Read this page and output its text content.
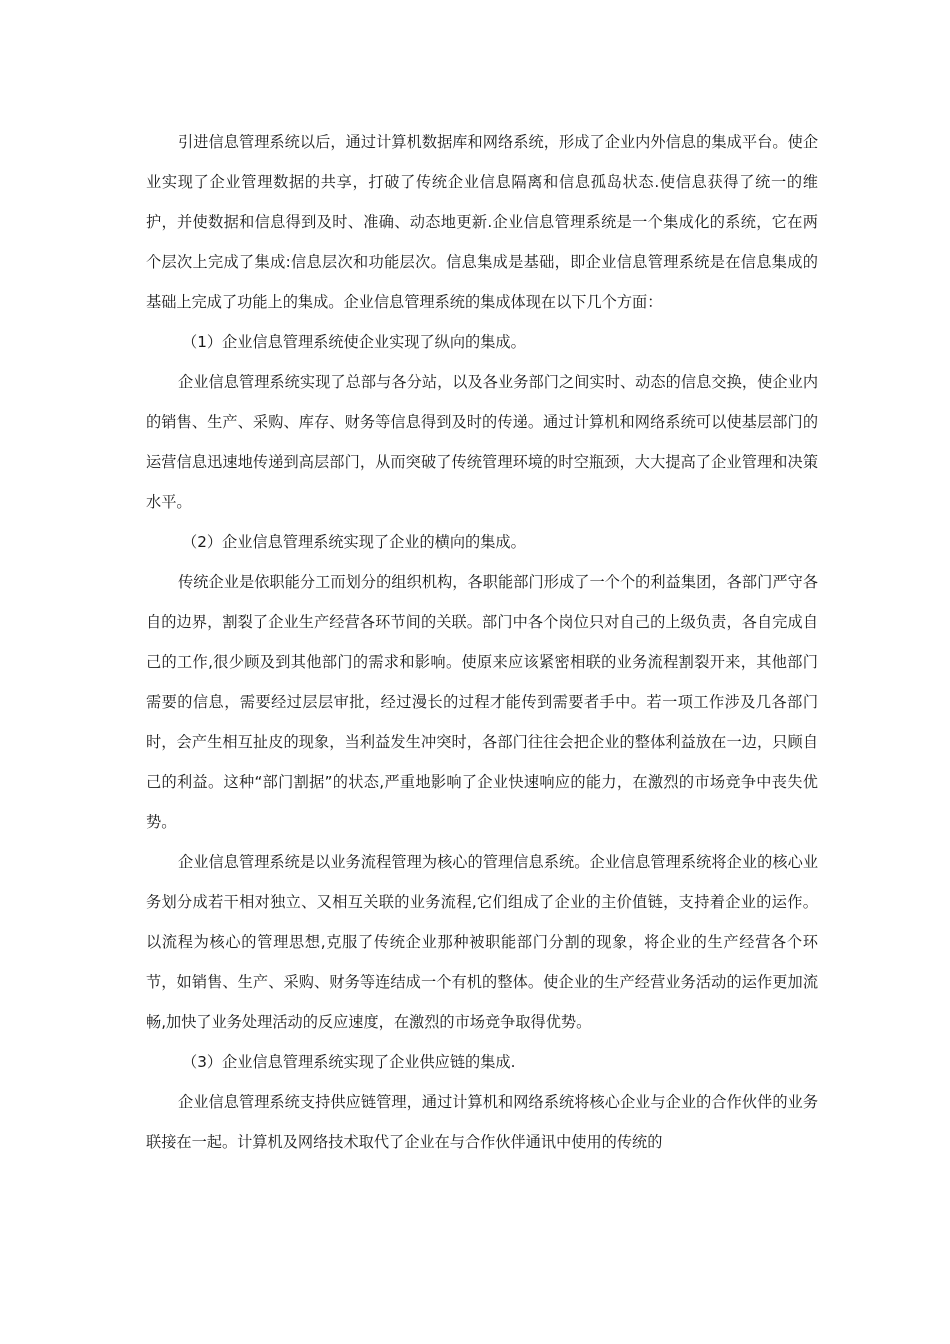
引进信息管理系统以后，通过计算机数据库和网络系统，形成了企业内外信息的集成平台。使企业实现了企业管理数据的共享，打破了传统企业信息隔离和信息孤岛状态.使信息获得了统一的维护，并使数据和信息得到及时、准确、动态地更新.企业信息管理系统是一个集成化的系统，它在两个层次上完成了集成:信息层次和功能层次。信息集成是基础，即企业信息管理系统是在信息集成的基础上完成了功能上的集成。企业信息管理系统的集成体现在以下几个方面：

（1）企业信息管理系统使企业实现了纵向的集成。

企业信息管理系统实现了总部与各分站，以及各业务部门之间实时、动态的信息交换，使企业内的销售、生产、采购、库存、财务等信息得到及时的传递。通过计算机和网络系统可以使基层部门的运营信息迅速地传递到高层部门，从而突破了传统管理环境的时空瓶颈，大大提高了企业管理和决策水平。

（2）企业信息管理系统实现了企业的横向的集成。

传统企业是依职能分工而划分的组织机构，各职能部门形成了一个个的利益集团，各部门严守各自的边界，割裂了企业生产经营各环节间的关联。部门中各个岗位只对自己的上级负责，各自完成自己的工作,很少顾及到其他部门的需求和影响。使原来应该紧密相联的业务流程割裂开来，其他部门需要的信息，需要经过层层审批，经过漫长的过程才能传到需要者手中。若一项工作涉及几各部门时，会产生相互扯皮的现象，当利益发生冲突时，各部门往往会把企业的整体利益放在一边，只顾自己的利益。这种“部门割据”的状态,严重地影响了企业快速响应的能力，在激烈的市场竞争中丧失优势。

企业信息管理系统是以业务流程管理为核心的管理信息系统。企业信息管理系统将企业的核心业务划分成若干相对独立、又相互关联的业务流程,它们组成了企业的主价值链，支持着企业的运作。以流程为核心的管理思想,克服了传统企业那种被职能部门分割的现象，将企业的生产经营各个环节，如销售、生产、采购、财务等连结成一个有机的整体。使企业的生产经营业务活动的运作更加流畅,加快了业务处理活动的反应速度，在激烈的市场竞争取得优势。

（3）企业信息管理系统实现了企业供应链的集成.

企业信息管理系统支持供应链管理，通过计算机和网络系统将核心企业与企业的合作伙伴的业务联接在一起。计算机及网络技术取代了企业在与合作伙伴通讯中使用的传统的
